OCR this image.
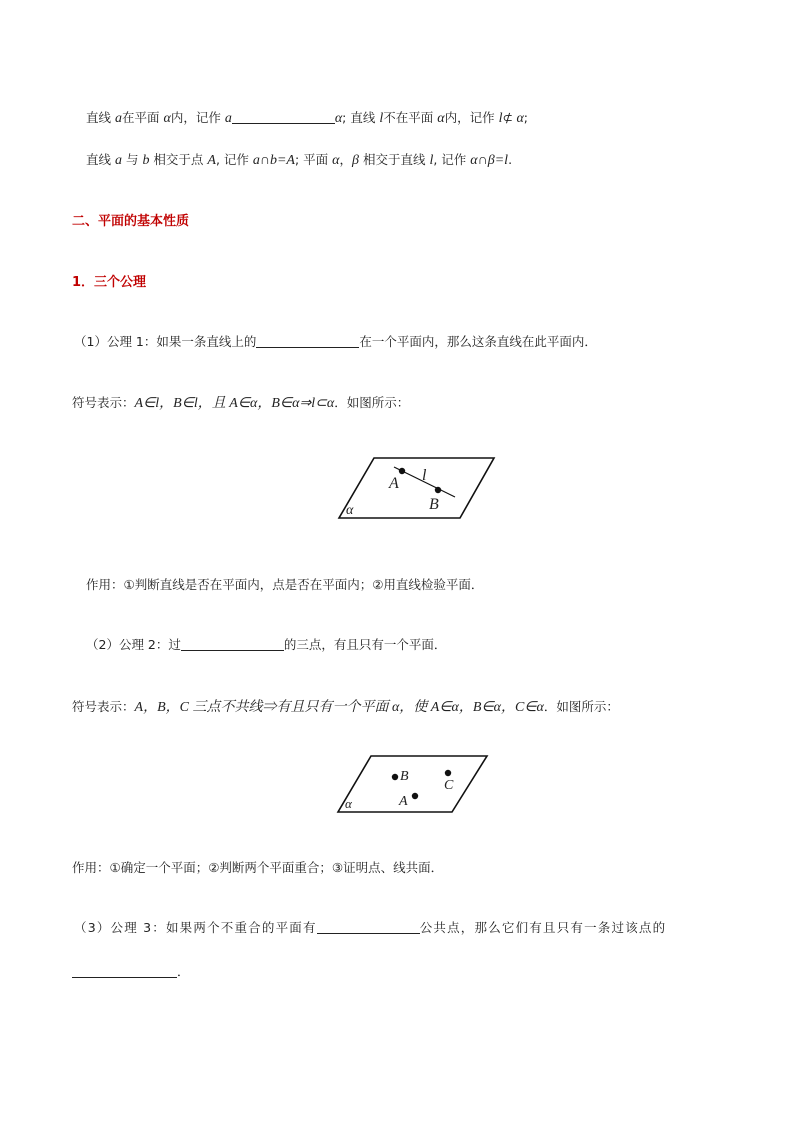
直线 a在平面 α内，记作 a	α; 直线 l不在平面 α内，记作 l⊄ α;
直线 a 与 b 相交于点 A, 记作 a∩b=A; 平面 α，β 相交于直线 l, 记作 α∩β=l.
二、平面的基本性质
1．三个公理
（1）公理 1：如果一条直线上的	在一个平面内，那么这条直线在此平面内．
符号表示：A∈l，B∈l，且 A∈α，B∈α⇒l⊂α．如图所示：
l
A
B
α
作用：①判断直线是否在平面内，点是否在平面内；②用直线检验平面．
（2）公理 2：过	的三点，有且只有一个平面．
符号表示：A，B，C 三点不共线⇒有且只有一个平面 α，使 A∈α，B∈α，C∈α．如图所示：
B
C
A
α
作用：①确定一个平面；②判断两个平面重合；③证明点、线共面．
（3）公理 3：如果两个不重合的平面有	公共点，那么它们有且只有一条过该点的
．
